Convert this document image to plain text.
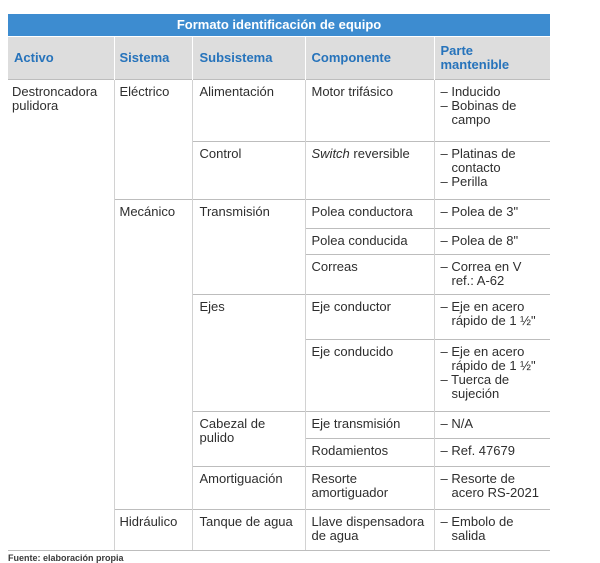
Formato identificación de equipo				
Activo	Sistema	Subsistema	Componente	Parte mantenible

Destroncadora pulidora	Eléctrico	Alimentación	Motor trifásico	– Inducido
– Bobinas de campo

		Control	Switch reversible	– Platinas de contacto
– Perilla

	Mecánico	Transmisión	Polea conductora	– Polea de 3"

			Polea conducida	– Polea de 8"

			Correas	– Correa en V ref.: A-62

		Ejes	Eje conductor	– Eje en acero rápido de 1 ½"

			Eje conducido	– Eje en acero rápido de 1 ½"
– Tuerca de sujeción

		Cabezal de pulido	Eje transmisión	– N/A

			Rodamientos	– Ref. 47679

		Amortiguación	Resorte amortiguador	– Resorte de acero RS-2021

	Hidráulico	Tanque de agua	Llave dispensadora de agua	– Embolo de salida
Fuente: elaboración propia
